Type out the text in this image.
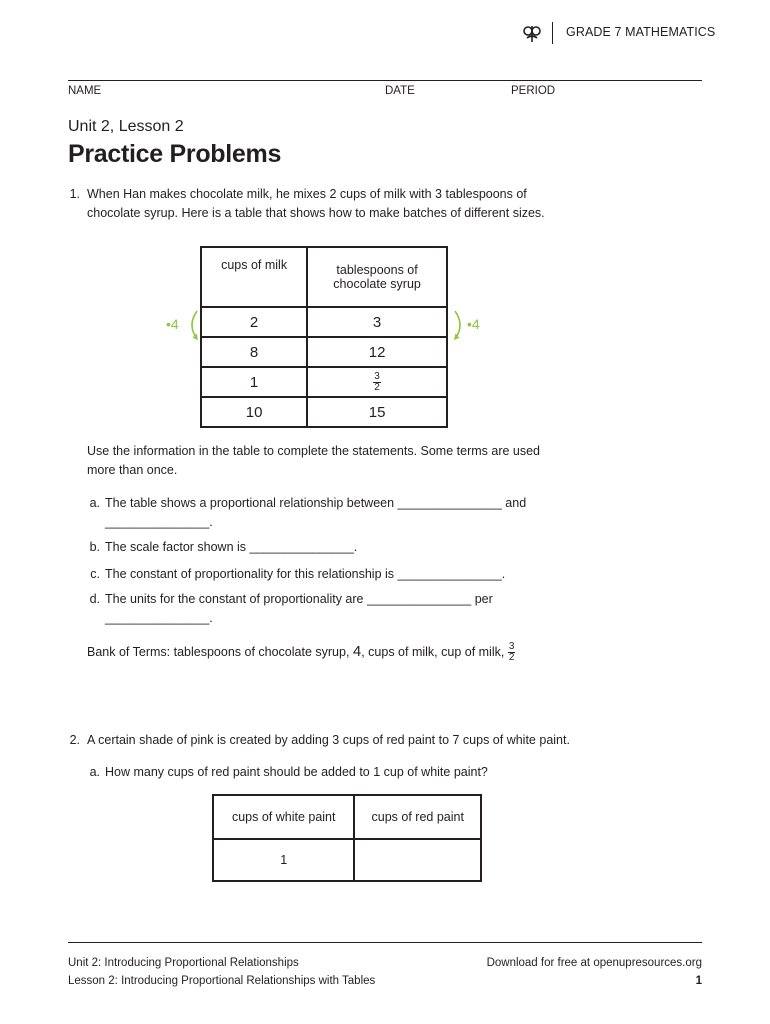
GRADE 7 MATHEMATICS
NAME	DATE	PERIOD
Unit 2, Lesson 2
Practice Problems
1. When Han makes chocolate milk, he mixes 2 cups of milk with 3 tablespoons of
chocolate syrup. Here is a table that shows how to make batches of different sizes.
cups of milk	tablespoons of
chocolate syrup
2	3
8	12
1	$\frac{3}{2}$

10	15
•4	•4
Use the information in the table to complete the statements. Some terms are used
more than once.
a. The table shows a proportional relationship between _______________ and
_______________.
b. The scale factor shown is _______________.
c. The constant of proportionality for this relationship is _______________.
d. The units for the constant of proportionality are _______________ per
_______________.
Bank of Terms: tablespoons of chocolate syrup, 4, cups of milk, cup of milk, $\frac{3}{2}$
2. A certain shade of pink is created by adding 3 cups of red paint to 7 cups of white paint.
a. How many cups of red paint should be added to 1 cup of white paint?
cups of white paint	cups of red paint
1	
Unit 2: Introducing Proportional Relationships
Lesson 2: Introducing Proportional Relationships with Tables
Download for free at openupresources.org
1
